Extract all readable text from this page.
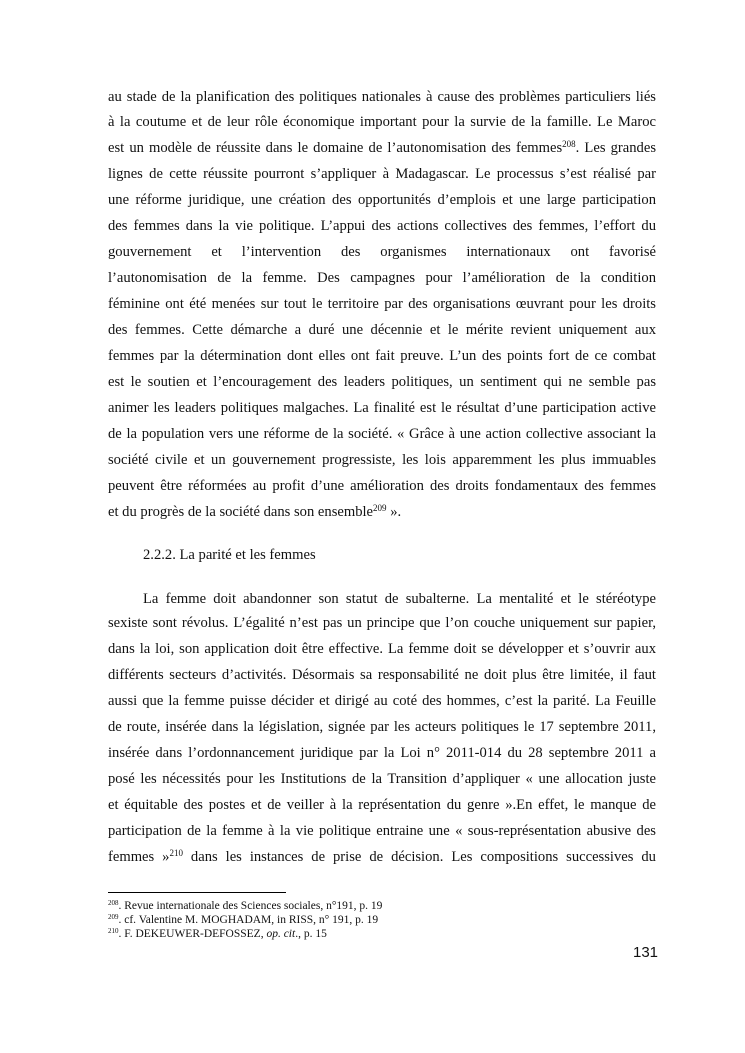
au stade de la planification des politiques nationales à cause des problèmes particuliers liés
à la coutume et de leur rôle économique important pour la survie de la famille. Le Maroc
est un modèle de réussite dans le domaine de l’autonomisation des femmes$^{208}$. Les grandes
lignes de cette réussite pourront s’appliquer à Madagascar. Le processus s’est réalisé par
une réforme juridique, une création des opportunités d’emplois et une large participation
des femmes dans la vie politique. L’appui des actions collectives des femmes, l’effort du
gouvernement et l’intervention des organismes internationaux ont favorisé
l’autonomisation de la femme. Des campagnes pour l’amélioration de la condition
féminine ont été menées sur tout le territoire par des organisations œuvrant pour les droits
des femmes. Cette démarche a duré une décennie et le mérite revient uniquement aux
femmes par la détermination dont elles ont fait preuve. L’un des points fort de ce combat
est le soutien et l’encouragement des leaders politiques, un sentiment qui ne semble pas
animer les leaders politiques malgaches. La finalité est le résultat d’une participation active
de la population vers une réforme de la société. « Grâce à une action collective associant la
société civile et un gouvernement progressiste, les lois apparemment les plus immuables
peuvent être réformées au profit d’une amélioration des droits fondamentaux des femmes
et du progrès de la société dans son ensemble$^{209}$ ».
2.2.2. La parité et les femmes
La femme doit abandonner son statut de subalterne. La mentalité et le stéréotype
sexiste sont révolus. L’égalité n’est pas un principe que l’on couche uniquement sur papier,
dans la loi, son application doit être effective. La femme doit se développer et s’ouvrir aux
différents secteurs d’activités. Désormais sa responsabilité ne doit plus être limitée, il faut
aussi que la femme puisse décider et dirigé au coté des hommes, c’est la parité. La Feuille
de route, insérée dans la législation, signée par les acteurs politiques le 17 septembre 2011,
insérée dans l’ordonnancement juridique par la Loi n° 2011-014 du 28 septembre 2011 a
posé les nécessités pour les Institutions de la Transition d’appliquer « une allocation juste
et équitable des postes et de veiller à la représentation du genre ».En effet, le manque de
participation de la femme à la vie politique entraine une « sous-représentation abusive des
femmes »$^{210}$ dans les instances de prise de décision. Les compositions successives du
$^{208}$. Revue internationale des Sciences sociales, n°191, p. 19
$^{209}$. cf. Valentine M. MOGHADAM, in RISS, n° 191, p. 19
$^{210}$. F. DEKEUWER-DEFOSSEZ, op. cit., p. 15
131
